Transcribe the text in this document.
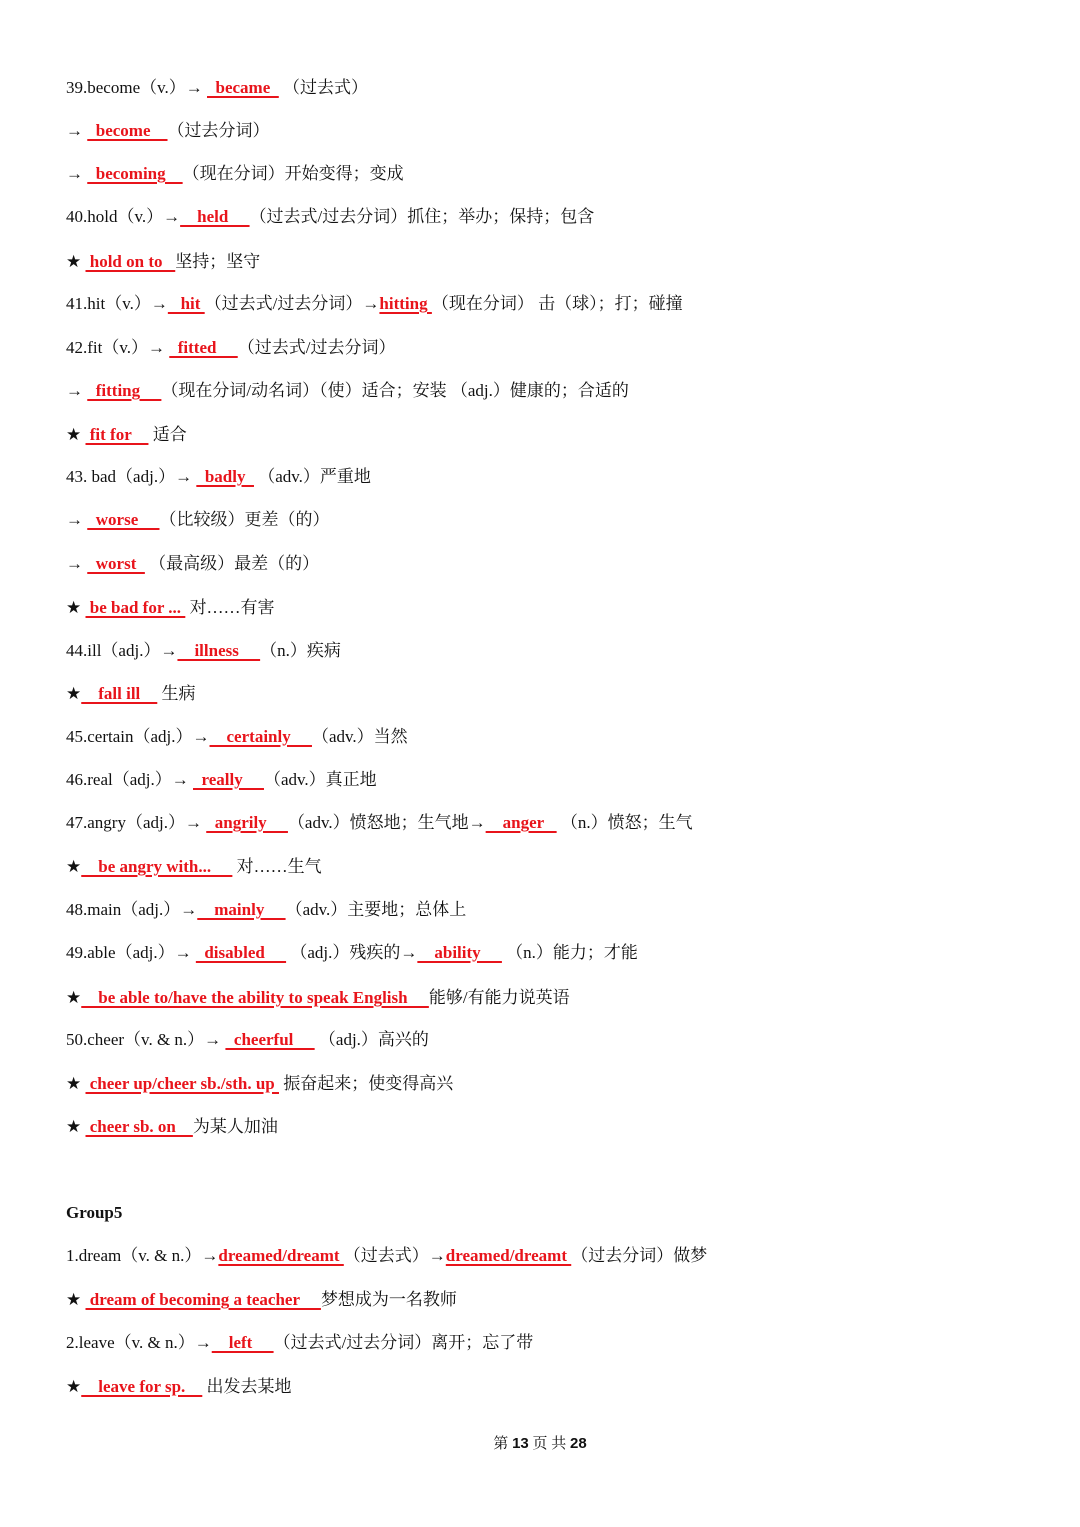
39.become（v.）→   became   （过去式）
→   become    （过去分词）
→   becoming    （现在分词）开始变得；变成
40.hold（v.）→    held     （过去式/过去分词）抓住；举办；保持；包含
★  hold on to   坚持；坚守
41.hit（v.）→   hit （过去式/过去分词）→hitting （现在分词） 击（球）；打；碰撞
42.fit（v.）→   fitted     （过去式/过去分词）
→   fitting     （现在分词/动名词）（使）适合；安装 （adj.）健康的；合适的
★  fit for     适合
43. bad（adj.）→   badly   （adv.）严重地
→   worse     （比较级）更差（的）
→   worst   （最高级）最差（的）
★  be bad for ...  对……有害
44.ill（adj.）→    illness     （n.）疾病
★    fall ill     生病
45.certain（adj.）→    certainly     （adv.）当然
46.real（adj.）→   really     （adv.）真正地
47.angry（adj.）→   angrily     （adv.）愤怒地；生气地→    anger    （n.）愤怒；生气
★    be angry with...      对……生气
48.main（adj.）→    mainly     （adv.）主要地；总体上
49.able（adj.）→   disabled      （adj.）残疾的→    ability      （n.）能力；才能
★    be able to/have the ability to speak English     能够/有能力说英语
50.cheer（v. & n.）→   cheerful      （adj.）高兴的
★  cheer up/cheer sb./sth. up  振奋起来；使变得高兴
★  cheer sb. on    为某人加油
Group5
1.dream（v. & n.）→dreamed/dreamt （过去式）→dreamed/dreamt （过去分词）做梦
★  dream of becoming a teacher     梦想成为一名教师
2.leave（v. & n.）→    left     （过去式/过去分词）离开；忘了带
★    leave for sp.     出发去某地
第 13 页 共 28
